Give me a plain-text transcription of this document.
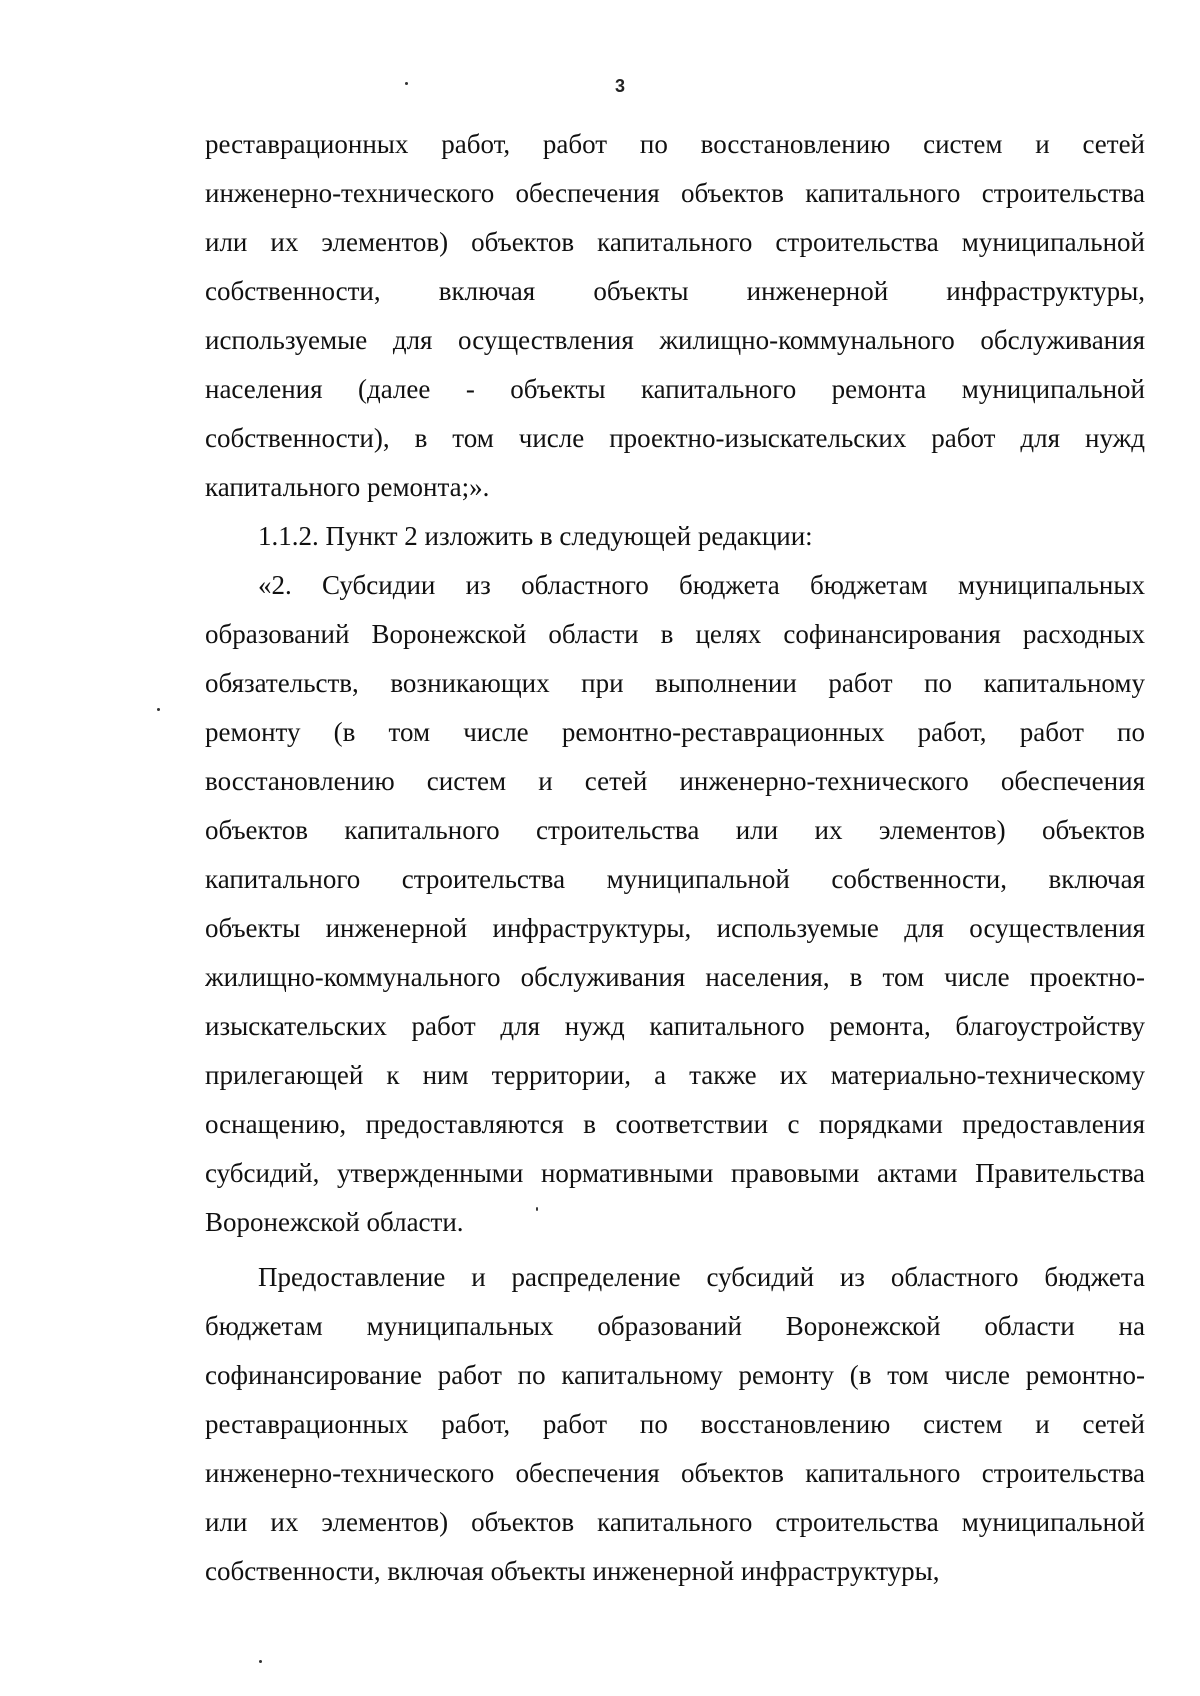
3
реставрационных работ, работ по восстановлению систем и сетей
инженерно-технического обеспечения объектов капитального строительства
или их элементов) объектов капитального строительства муниципальной
собственности, включая объекты инженерной инфраструктуры,
используемые для осуществления жилищно-коммунального обслуживания
населения (далее - объекты капитального ремонта муниципальной
собственности), в том числе проектно-изыскательских работ для нужд
капитального ремонта;».
1.1.2. Пункт 2 изложить в следующей редакции:
«2. Субсидии из областного бюджета бюджетам муниципальных
образований Воронежской области в целях софинансирования расходных
обязательств, возникающих при выполнении работ по капитальному
ремонту (в том числе ремонтно-реставрационных работ, работ по
восстановлению систем и сетей инженерно-технического обеспечения
объектов капитального строительства или их элементов) объектов
капитального строительства муниципальной собственности, включая
объекты инженерной инфраструктуры, используемые для осуществления
жилищно-коммунального обслуживания населения, в том числе проектно-
изыскательских работ для нужд капитального ремонта, благоустройству
прилегающей к ним территории, а также их материально-техническому
оснащению, предоставляются в соответствии с порядками предоставления
субсидий, утвержденными нормативными правовыми актами Правительства
Воронежской области.
Предоставление и распределение субсидий из областного бюджета
бюджетам муниципальных образований Воронежской области на
софинансирование работ по капитальному ремонту (в том числе ремонтно-
реставрационных работ, работ по восстановлению систем и сетей
инженерно-технического обеспечения объектов капитального строительства
или их элементов) объектов капитального строительства муниципальной
собственности, включая объекты инженерной инфраструктуры,
